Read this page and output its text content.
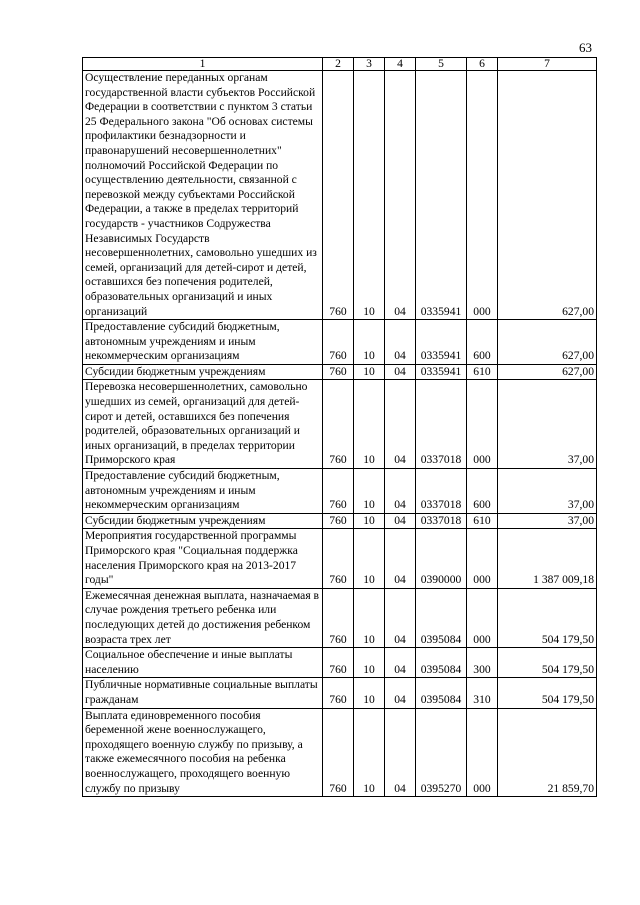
63
1	2	3	4	5	6	7
Осуществление переданных органам государственной власти субъектов Российской Федерации в соответствии с пунктом 3 статьи 25 Федерального закона "Об основах системы профилактики безнадзорности и правонарушений несовершеннолетних" полномочий Российской Федерации по осуществлению деятельности, связанной с перевозкой между субъектами Российской Федерации, а также в пределах территорий государств - участников Содружества Независимых Государств несовершеннолетних, самовольно ушедших из семей, организаций для детей-сирот и детей, оставшихся без попечения родителей, образовательных организаций и иных организаций	760	10	04	0335941	000	627,00
Предоставление субсидий бюджетным, автономным учреждениям и иным некоммерческим организациям	760	10	04	0335941	600	627,00
Субсидии бюджетным учреждениям	760	10	04	0335941	610	627,00
Перевозка несовершеннолетних, самовольно ушедших из семей, организаций для детей-сирот и детей, оставшихся без попечения родителей, образовательных организаций и иных организаций, в пределах территории Приморского края	760	10	04	0337018	000	37,00
Предоставление субсидий бюджетным, автономным учреждениям и иным некоммерческим организациям	760	10	04	0337018	600	37,00
Субсидии бюджетным учреждениям	760	10	04	0337018	610	37,00
Мероприятия государственной программы Приморского края "Социальная поддержка населения Приморского края на 2013-2017 годы"	760	10	04	0390000	000	1 387 009,18
Ежемесячная денежная выплата, назначаемая в случае рождения третьего ребенка или последующих детей до достижения ребенком возраста трех лет	760	10	04	0395084	000	504 179,50
Социальное обеспечение и иные выплаты населению	760	10	04	0395084	300	504 179,50
Публичные нормативные социальные выплаты гражданам	760	10	04	0395084	310	504 179,50
Выплата единовременного пособия беременной жене военнослужащего, проходящего военную службу по призыву, а также ежемесячного пособия на ребенка военнослужащего, проходящего военную службу по призыву	760	10	04	0395270	000	21 859,70
